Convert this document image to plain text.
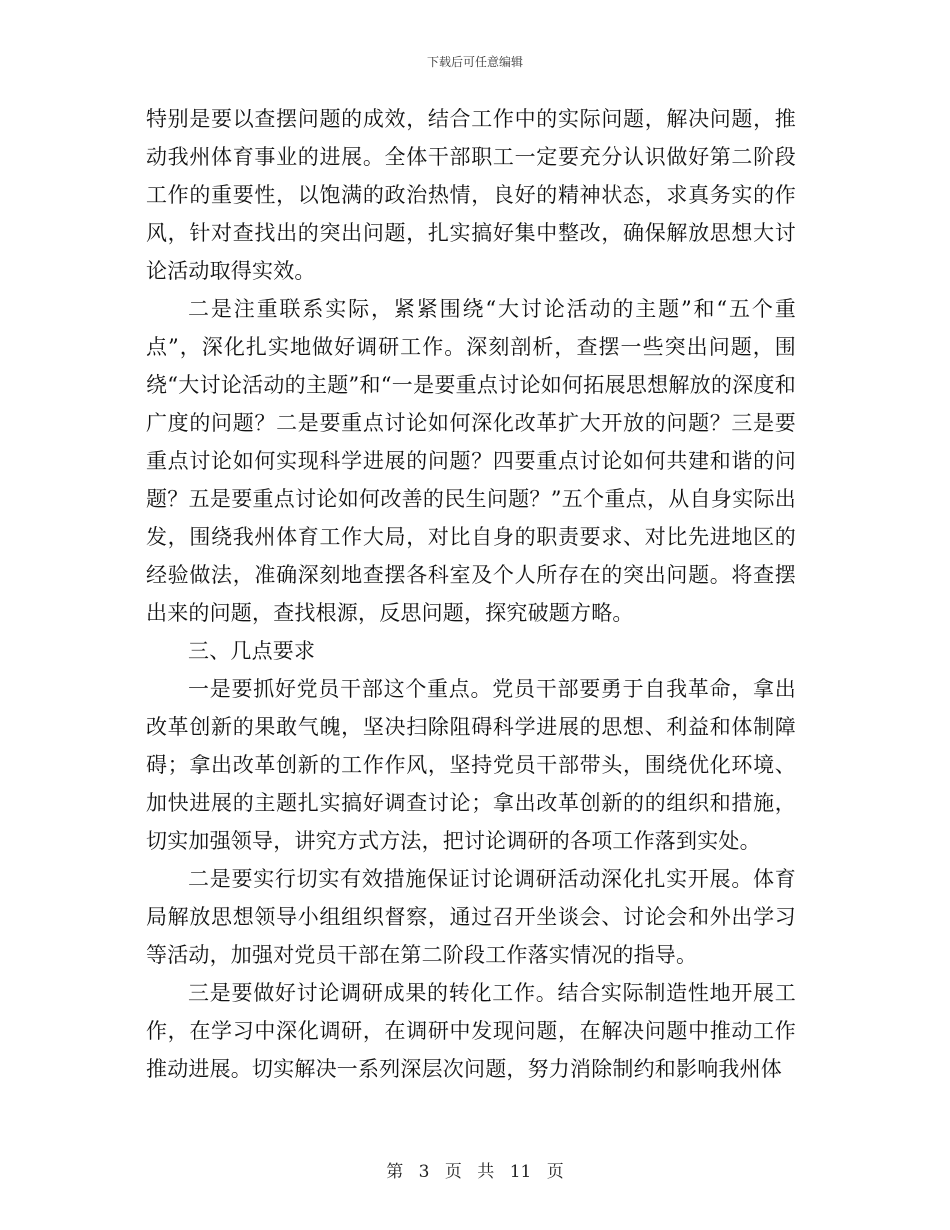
下载后可任意编辑

特别是要以查摆问题的成效，结合工作中的实际问题，解决问题，推动我州体育事业的进展。全体干部职工一定要充分认识做好第二阶段工作的重要性，以饱满的政治热情，良好的精神状态，求真务实的作风，针对查找出的突出问题，扎实搞好集中整改，确保解放思想大讨论活动取得实效。

二是注重联系实际，紧紧围绕“大讨论活动的主题”和“五个重点”，深化扎实地做好调研工作。深刻剖析，查摆一些突出问题，围绕“大讨论活动的主题”和“一是要重点讨论如何拓展思想解放的深度和广度的问题？二是要重点讨论如何深化改革扩大开放的问题？三是要重点讨论如何实现科学进展的问题？四要重点讨论如何共建和谐的问题？五是要重点讨论如何改善的民生问题？”五个重点，从自身实际出发，围绕我州体育工作大局，对比自身的职责要求、对比先进地区的经验做法，准确深刻地查摆各科室及个人所存在的突出问题。将查摆出来的问题，查找根源，反思问题，探究破题方略。

三、几点要求

一是要抓好党员干部这个重点。党员干部要勇于自我革命，拿出改革创新的果敢气魄，坚决扫除阻碍科学进展的思想、利益和体制障碍；拿出改革创新的工作作风，坚持党员干部带头，围绕优化环境、加快进展的主题扎实搞好调查讨论；拿出改革创新的的组织和措施，切实加强领导，讲究方式方法，把讨论调研的各项工作落到实处。

二是要实行切实有效措施保证讨论调研活动深化扎实开展。体育局解放思想领导小组组织督察，通过召开坐谈会、讨论会和外出学习等活动，加强对党员干部在第二阶段工作落实情况的指导。

三是要做好讨论调研成果的转化工作。结合实际制造性地开展工作，在学习中深化调研，在调研中发现问题，在解决问题中推动工作推动进展。切实解决一系列深层次问题，努力消除制约和影响我州体

第 3 页 共 11 页
